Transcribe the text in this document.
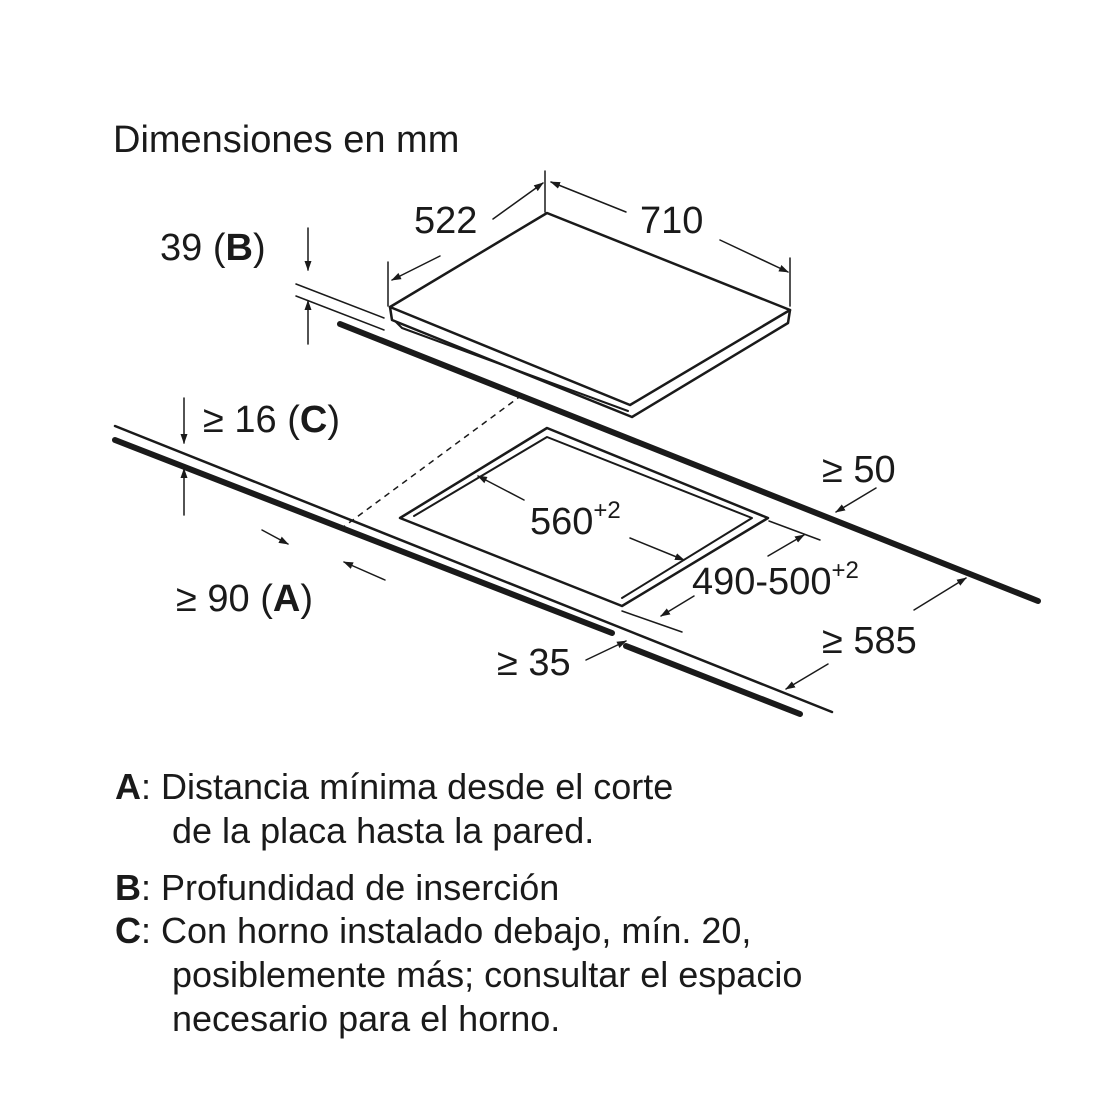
Dimensiones en mm
522	710
39 (B)
≥ 16 (C)
≥ 50
$560^{+2}$
$490-500^{+2}$
≥ 90 (A)
≥ 35
≥ 585
A: Distancia mínima desde el corte
de la placa hasta la pared.
B: Profundidad de inserción
C: Con horno instalado debajo, mín. 20,
posiblemente más; consultar el espacio
necesario para el horno.
